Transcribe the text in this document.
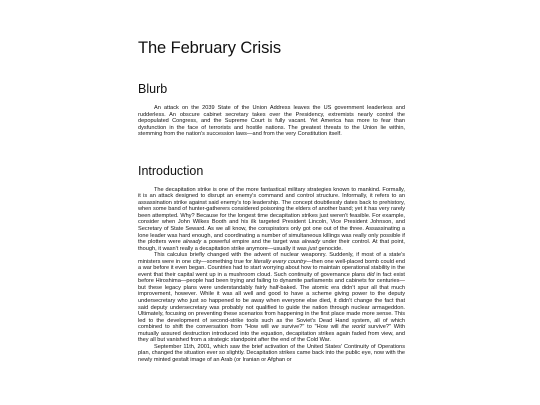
The February Crisis
Blurb

An attack on the 2039 State of the Union Address leaves the US government leaderless and rudderless. An obscure cabinet secretary takes over the Presidency, extremists nearly control the depopulated Congress, and the Supreme Court is fully vacant. Yet America has more to fear than dysfunction in the face of terrorists and hostile nations. The greatest threats to the Union lie within, stemming from the nation's succession laws—and from the very Constitution itself.

Introduction

The decapitation strike is one of the more fantastical military strategies known to mankind. Formally, it is an attack designed to disrupt an enemy's command and control structure. Informally, it refers to an assassination strike against said enemy's top leadership. The concept doubtlessly dates back to prehistory, when some band of hunter-gatherers considered poisoning the elders of another band; yet it has very rarely been attempted. Why? Because for the longest time decapitation strikes just weren't feasible. For example, consider when John Wilkes Booth and his ilk targeted President Lincoln, Vice President Johnson, and Secretary of State Seward. As we all know, the conspirators only got one out of the three. Assassinating a lone leader was hard enough, and coordinating a number of simultaneous killings was really only possible if the plotters were already a powerful empire and the target was already under their control. At that point, though, it wasn't really a decapitation strike anymore—usually it was just genocide.

This calculus briefly changed with the advent of nuclear weaponry. Suddenly, if most of a state's ministers were in one city—something true for literally every country—then one well-placed bomb could end a war before it even began. Countries had to start worrying about how to maintain operational stability in the event that their capital went up in a mushroom cloud. Such continuity of governance plans did in fact exist before Hiroshima—people had been trying and failing to dynamite parliaments and cabinets for centuries—but these legacy plans were understandably fairly half-baked. The atomic era didn't spur all that much improvement, however. While it was all well and good to have a scheme giving power to the deputy undersecretary who just so happened to be away when everyone else died, it didn't change the fact that said deputy undersecretary was probably not qualified to guide the nation through nuclear armageddon. Ultimately, focusing on preventing these scenarios from happening in the first place made more sense. This led to the development of second-strike tools such as the Soviet's Dead Hand system, all of which combined to shift the conversation from "How will we survive?" to "How will the world survive?" With mutually assured destruction introduced into the equation, decapitation strikes again faded from view, and they all but vanished from a strategic standpoint after the end of the Cold War.

September 11th, 2001, which saw the brief activation of the United States' Continuity of Operations plan, changed the situation ever so slightly. Decapitation strikes came back into the public eye, now with the newly minted gestalt image of an Arab (or Iranian or Afghan or
